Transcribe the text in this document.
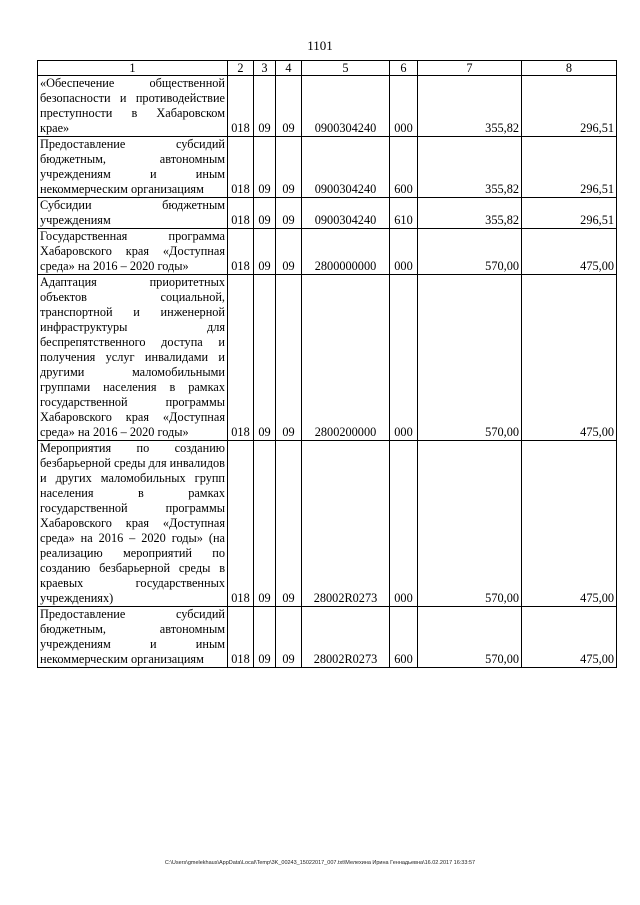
1101
1	2	3	4	5	6	7	8
«Обеспечение общественной безопасности и противодействие преступности в Хабаровском крае»	018	09	09	0900304240	000	355,82	296,51
Предоставление субсидий бюджетным, автономным учреждениям и иным некоммерческим организациям	018	09	09	0900304240	600	355,82	296,51
Субсидии бюджетным учреждениям	018	09	09	0900304240	610	355,82	296,51
Государственная программа Хабаровского края «Доступная среда» на 2016 – 2020 годы»	018	09	09	2800000000	000	570,00	475,00
Адаптация приоритетных объектов социальной, транспортной и инженерной инфраструктуры для беспрепятственного доступа и получения услуг инвалидами и другими маломобильными группами населения в рамках государственной программы Хабаровского края «Доступная среда» на 2016 – 2020 годы»	018	09	09	2800200000	000	570,00	475,00
Мероприятия по созданию безбарьерной среды для инвалидов и других маломобильных групп населения в рамках государственной программы Хабаровского края «Доступная среда» на 2016 – 2020 годы» (на реализацию мероприятий по созданию безбарьерной среды в краевых государственных учреждениях)	018	09	09	28002R0273	000	570,00	475,00
Предоставление субсидий бюджетным, автономным учреждениям и иным некоммерческим организациям	018	09	09	28002R0273	600	570,00	475,00
C:\Users\gmelekhaus\AppData\Local\Temp\3K_00243_15022017_007.txt\Мелехина Ирина Геннадьевна\16.02.2017 16:33:57
